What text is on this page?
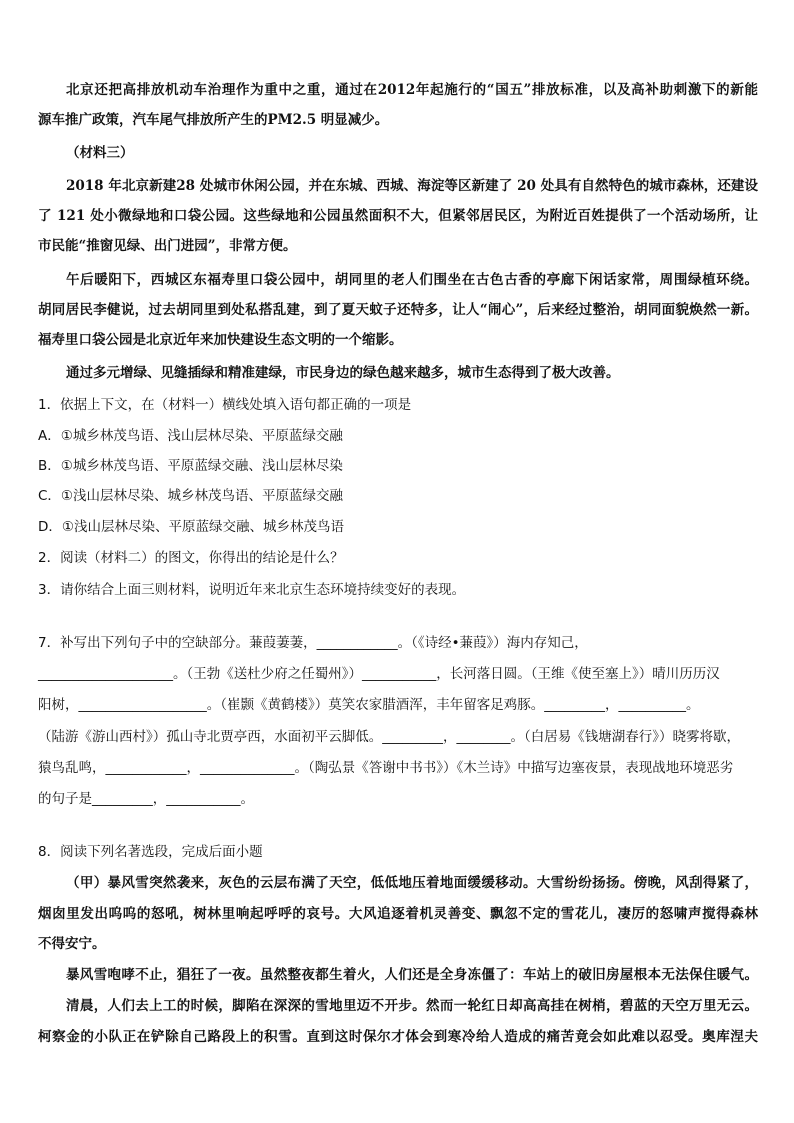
北京还把高排放机动车治理作为重中之重，通过在2012年起施行的“国五”排放标准，以及高补助刺激下的新能
源车推广政策，汽车尾气排放所产生的PM2.5 明显减少。
（材料三）
2018 年北京新建28 处城市休闲公园，并在东城、西城、海淀等区新建了 20 处具有自然特色的城市森林，还建设
了 121 处小微绿地和口袋公园。这些绿地和公园虽然面积不大，但紧邻居民区，为附近百姓提供了一个活动场所，让
市民能“推窗见绿、出门进园”，非常方便。
午后暖阳下，西城区东福寿里口袋公园中，胡同里的老人们围坐在古色古香的亭廊下闲话家常，周围绿植环绕。
胡同居民李健说，过去胡同里到处私搭乱建，到了夏天蚊子还特多，让人“闹心”，后来经过整治，胡同面貌焕然一新。
福寿里口袋公园是北京近年来加快建设生态文明的一个缩影。
通过多元增绿、见缝插绿和精准建绿，市民身边的绿色越来越多，城市生态得到了极大改善。
1．依据上下文，在（材料一）横线处填入语句都正确的一项是
A．①城乡林茂鸟语、浅山层林尽染、平原蓝绿交融
B．①城乡林茂鸟语、平原蓝绿交融、浅山层林尽染
C．①浅山层林尽染、城乡林茂鸟语、平原蓝绿交融
D．①浅山层林尽染、平原蓝绿交融、城乡林茂鸟语
2．阅读（材料二）的图文，你得出的结论是什么？
3．请你结合上面三则材料，说明近年来北京生态环境持续变好的表现。
7．补写出下列句子中的空缺部分。蒹葭萋萋，____________。（《诗经•蒹葭》）海内存知己，
____________________。（王勃《送杜少府之任蜀州》）___________，长河落日圆。（王维《使至塞上》）晴川历历汉
阳树，___________________。（崔颢《黄鹤楼》）莫笑农家腊酒浑，丰年留客足鸡豚。_________，__________。
（陆游《游山西村》）孤山寺北贾亭西，水面初平云脚低。_________，________。（白居易《钱塘湖春行》）晓雾将歇，
猿鸟乱鸣，____________，______________。（陶弘景《答谢中书书》）《木兰诗》中描写边塞夜景，表现战地环境恶劣
的句子是_________，___________。
8．阅读下列名著选段，完成后面小题
（甲）暴风雪突然袭来，灰色的云层布满了天空，低低地压着地面缓缓移动。大雪纷纷扬扬。傍晚，风刮得紧了，
烟囱里发出呜呜的怒吼，树林里响起呼呼的哀号。大风追逐着机灵善变、飘忽不定的雪花儿，凄厉的怒啸声搅得森林
不得安宁。
暴风雪咆哮不止，猖狂了一夜。虽然整夜都生着火，人们还是全身冻僵了：车站上的破旧房屋根本无法保住暖气。
清晨，人们去上工的时候，脚陷在深深的雪地里迈不开步。然而一轮红日却高高挂在树梢，碧蓝的天空万里无云。
柯察金的小队正在铲除自己路段上的积雪。直到这时保尔才体会到寒冷给人造成的痛苦竟会如此难以忍受。奥库涅夫
